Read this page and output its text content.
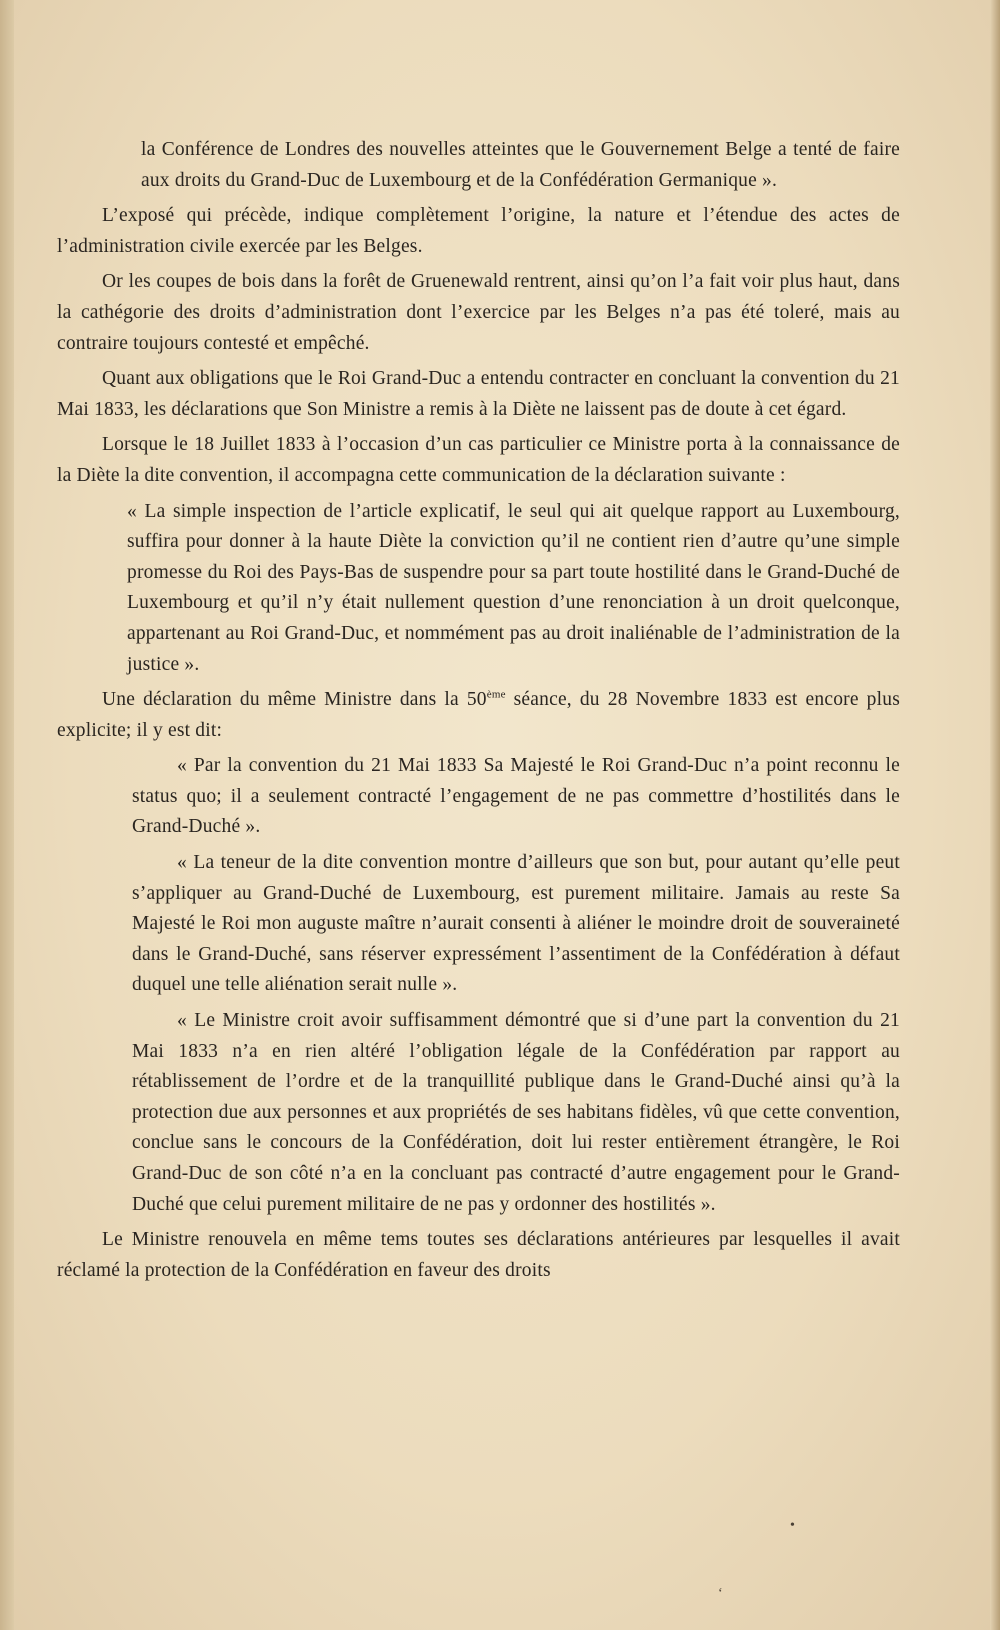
la Conférence de Londres des nouvelles atteintes que le Gouvernement Belge a tenté de faire aux droits du Grand-Duc de Luxembourg et de la Confédération Germanique ».

L’exposé qui précède, indique complètement l’origine, la nature et l’étendue des actes de l’administration civile exercée par les Belges.

Or les coupes de bois dans la forêt de Gruenewald rentrent, ainsi qu’on l’a fait voir plus haut, dans la cathégorie des droits d’administration dont l’exercice par les Belges n’a pas été toleré, mais au contraire toujours contesté et empêché.

Quant aux obligations que le Roi Grand-Duc a entendu contracter en concluant la convention du 21 Mai 1833, les déclarations que Son Ministre a remis à la Diète ne laissent pas de doute à cet égard.

Lorsque le 18 Juillet 1833 à l’occasion d’un cas particulier ce Ministre porta à la connaissance de la Diète la dite convention, il accompagna cette communication de la déclaration suivante :

« La simple inspection de l’article explicatif, le seul qui ait quelque rapport au Luxembourg, suffira pour donner à la haute Diète la conviction qu’il ne contient rien d’autre qu’une simple promesse du Roi des Pays-Bas de suspendre pour sa part toute hostilité dans le Grand-Duché de Luxembourg et qu’il n’y était nullement question d’une renonciation à un droit quelconque, appartenant au Roi Grand-Duc, et nommément pas au droit inaliénable de l’administration de la justice ».

Une déclaration du même Ministre dans la 50ème séance, du 28 Novembre 1833 est encore plus explicite; il y est dit:

« Par la convention du 21 Mai 1833 Sa Majesté le Roi Grand-Duc n’a point reconnu le status quo; il a seulement contracté l’engagement de ne pas commettre d’hostilités dans le Grand-Duché ».

« La teneur de la dite convention montre d’ailleurs que son but, pour autant qu’elle peut s’appliquer au Grand-Duché de Luxembourg, est purement militaire. Jamais au reste Sa Majesté le Roi mon auguste maître n’aurait consenti à aliéner le moindre droit de souveraineté dans le Grand-Duché, sans réserver expressément l’assentiment de la Confédération à défaut duquel une telle aliénation serait nulle ».

« Le Ministre croit avoir suffisamment démontré que si d’une part la convention du 21 Mai 1833 n’a en rien altéré l’obligation légale de la Confédération par rapport au rétablissement de l’ordre et de la tranquillité publique dans le Grand-Duché ainsi qu’à la protection due aux personnes et aux propriétés de ses habitans fidèles, vû que cette convention, conclue sans le concours de la Confédération, doit lui rester entièrement étrangère, le Roi Grand-Duc de son côté n’a en la concluant pas contracté d’autre engagement pour le Grand-Duché que celui purement militaire de ne pas y ordonner des hostilités ».

Le Ministre renouvela en même tems toutes ses déclarations antérieures par lesquelles il avait réclamé la protection de la Confédération en faveur des droits

•
‘
